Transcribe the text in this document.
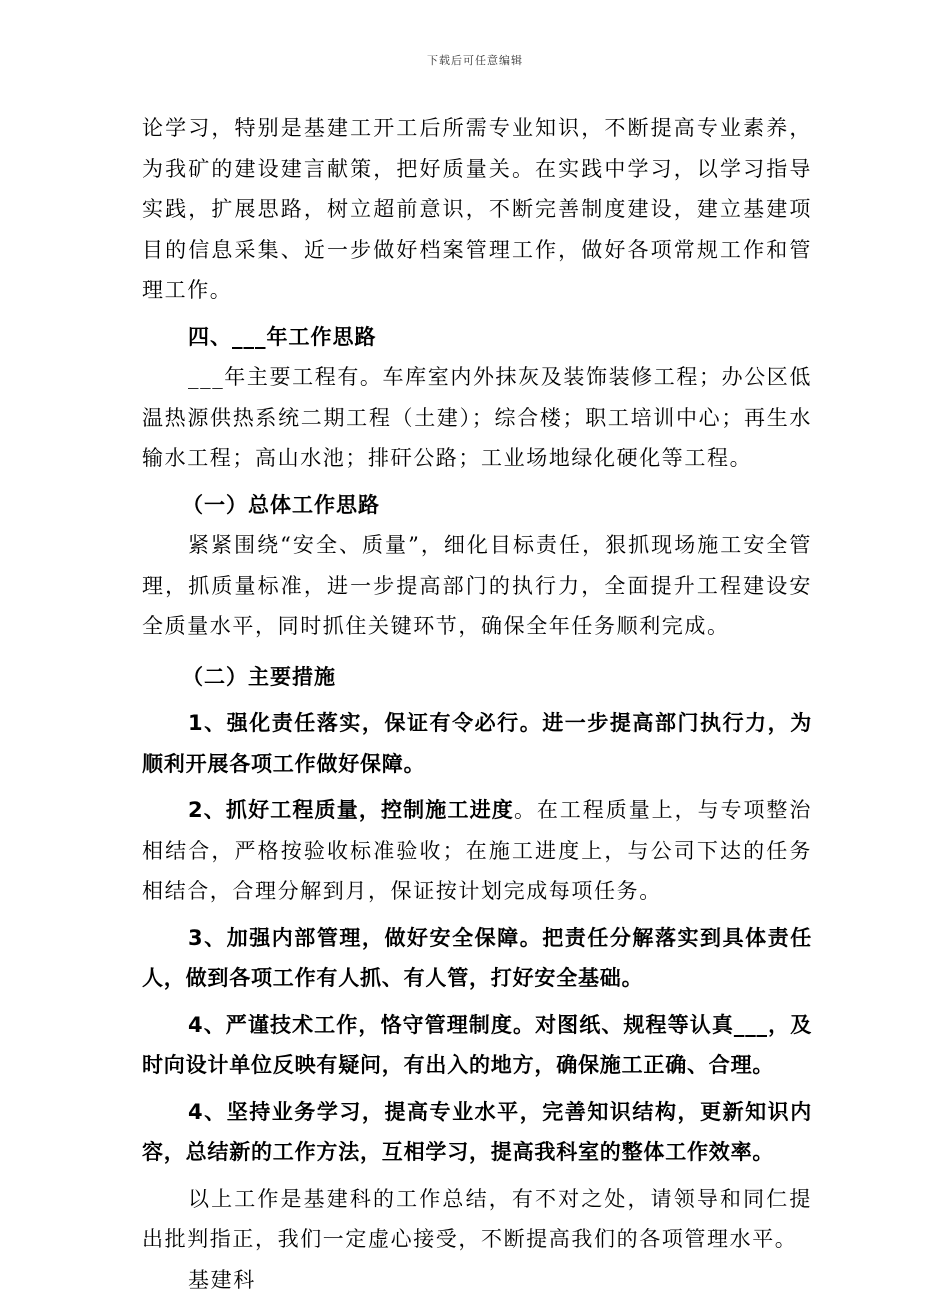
下载后可任意编辑

论学习，特别是基建工开工后所需专业知识，不断提高专业素养，为我矿的建设建言献策，把好质量关。在实践中学习，以学习指导实践，扩展思路，树立超前意识，不断完善制度建设，建立基建项目的信息采集、近一步做好档案管理工作，做好各项常规工作和管理工作。

四、___年工作思路

___年主要工程有。车库室内外抹灰及装饰装修工程；办公区低温热源供热系统二期工程（土建）；综合楼；职工培训中心；再生水输水工程；高山水池；排矸公路；工业场地绿化硬化等工程。

（一）总体工作思路

紧紧围绕“安全、质量”，细化目标责任，狠抓现场施工安全管理，抓质量标准，进一步提高部门的执行力，全面提升工程建设安全质量水平，同时抓住关键环节，确保全年任务顺利完成。

（二）主要措施

1、强化责任落实，保证有令必行。进一步提高部门执行力，为顺利开展各项工作做好保障。

2、抓好工程质量，控制施工进度。在工程质量上，与专项整治相结合，严格按验收标准验收；在施工进度上，与公司下达的任务相结合，合理分解到月，保证按计划完成每项任务。

3、加强内部管理，做好安全保障。把责任分解落实到具体责任人，做到各项工作有人抓、有人管，打好安全基础。

4、严谨技术工作，恪守管理制度。对图纸、规程等认真___，及时向设计单位反映有疑问，有出入的地方，确保施工正确、合理。

4、坚持业务学习，提高专业水平，完善知识结构，更新知识内容，总结新的工作方法，互相学习，提高我科室的整体工作效率。

以上工作是基建科的工作总结，有不对之处，请领导和同仁提出批判指正，我们一定虚心接受，不断提高我们的各项管理水平。

基建科
